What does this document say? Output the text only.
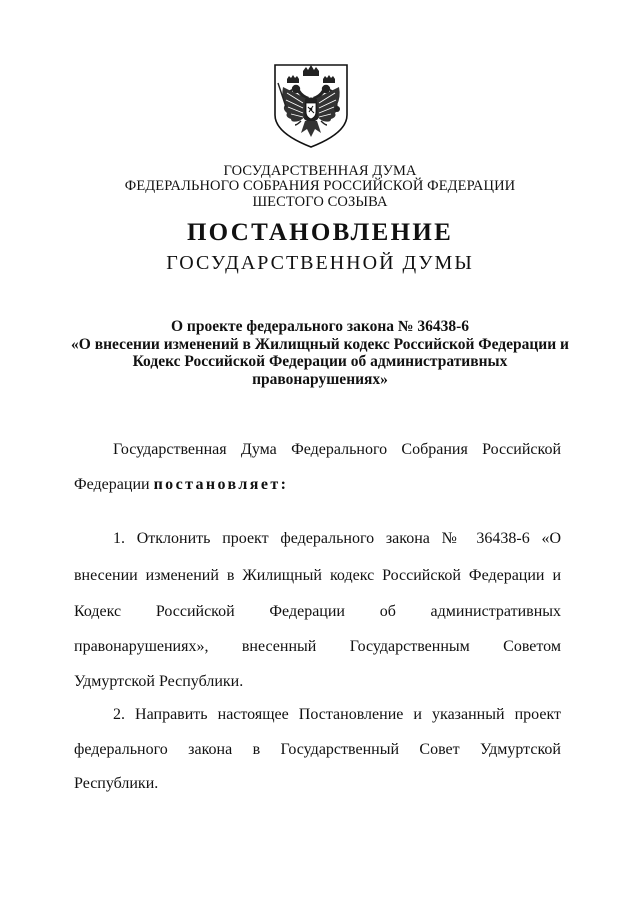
ГОСУДАРСТВЕННАЯ ДУМА
ФЕДЕРАЛЬНОГО СОБРАНИЯ РОССИЙСКОЙ ФЕДЕРАЦИИ
ШЕСТОГО СОЗЫВА
ПОСТАНОВЛЕНИЕ
ГОСУДАРСТВЕННОЙ ДУМЫ
О проекте федерального закона № 36438-6
«О внесении изменений в Жилищный кодекс Российской Федерации и
Кодекс Российской Федерации об административных
правонарушениях»
Государственная Дума Федерального Собрания Российской
Федерации постановляет:
1. Отклонить проект федерального закона № 36438-6 «О
внесении изменений в Жилищный кодекс Российской Федерации и
Кодекс Российской Федерации об административных
правонарушениях», внесенный Государственным Советом
Удмуртской Республики.
2. Направить настоящее Постановление и указанный проект
федерального закона в Государственный Совет Удмуртской
Республики.
